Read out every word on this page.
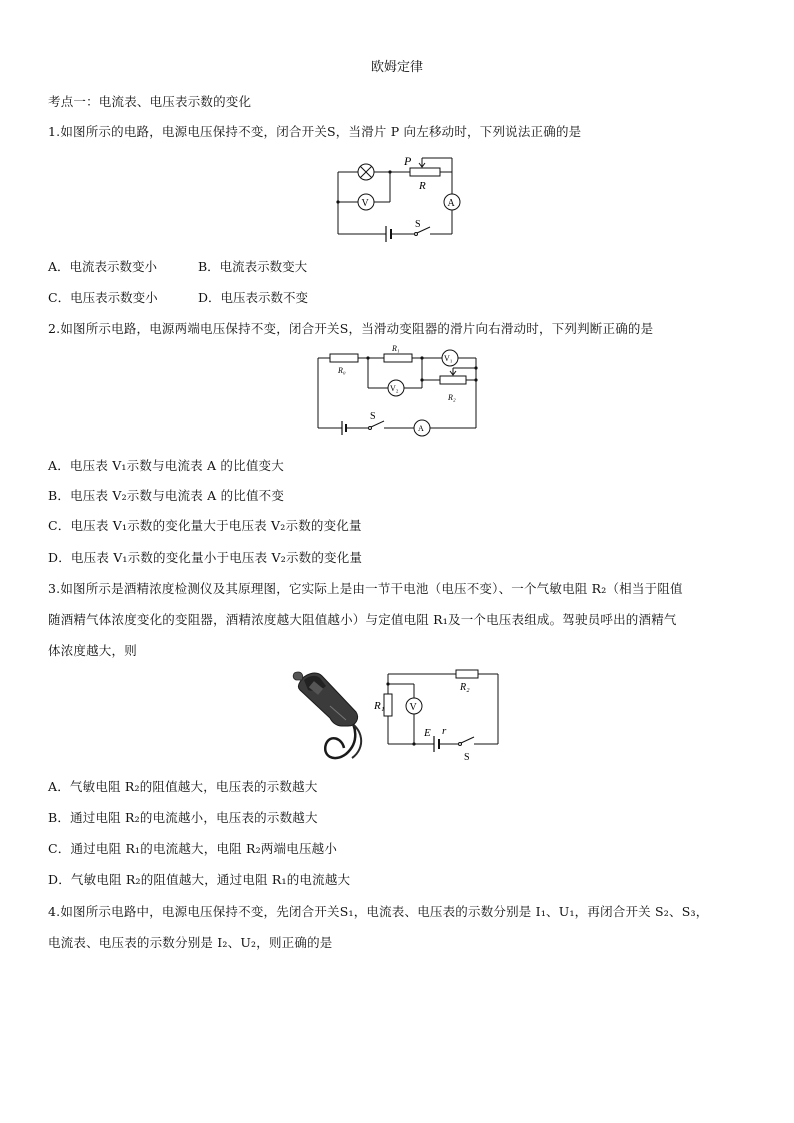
欧姆定律
考点一：电流表、电压表示数的变化
1.如图所示的电路，电源电压保持不变，闭合开关S，当滑片 P 向左移动时，下列说法正确的是
P
R
V	A
S
A．电流表示数变小	B．电流表示数变大
C．电压表示数变小	D．电压表示数不变
2.如图所示电路，电源两端电压保持不变，闭合开关S，当滑动变阻器的滑片向右滑动时，下列判断正确的是
R₀
R₁
R₂
V₁
V₂
A
S
A．电压表 V₁示数与电流表 A 的比值变大
B．电压表 V₂示数与电流表 A 的比值不变
C．电压表 V₁示数的变化量大于电压表 V₂示数的变化量
D．电压表 V₁示数的变化量小于电压表 V₂示数的变化量
3.如图所示是酒精浓度检测仪及其原理图，它实际上是由一节干电池（电压不变）、一个气敏电阻 R₂（相当于阻值
随酒精气体浓度变化的变阻器，酒精浓度越大阻值越小）与定值电阻 R₁及一个电压表组成。驾驶员呼出的酒精气
体浓度越大，则
R₁
R₂
V
E r
S
A．气敏电阻 R₂的阻值越大，电压表的示数越大
B．通过电阻 R₂的电流越小，电压表的示数越大
C．通过电阻 R₁的电流越大，电阻 R₂两端电压越小
D．气敏电阻 R₂的阻值越大，通过电阻 R₁的电流越大
4.如图所示电路中，电源电压保持不变，先闭合开关S₁，电流表、电压表的示数分别是 I₁、U₁，再闭合开关 S₂、S₃，
电流表、电压表的示数分别是 I₂、U₂，则正确的是
